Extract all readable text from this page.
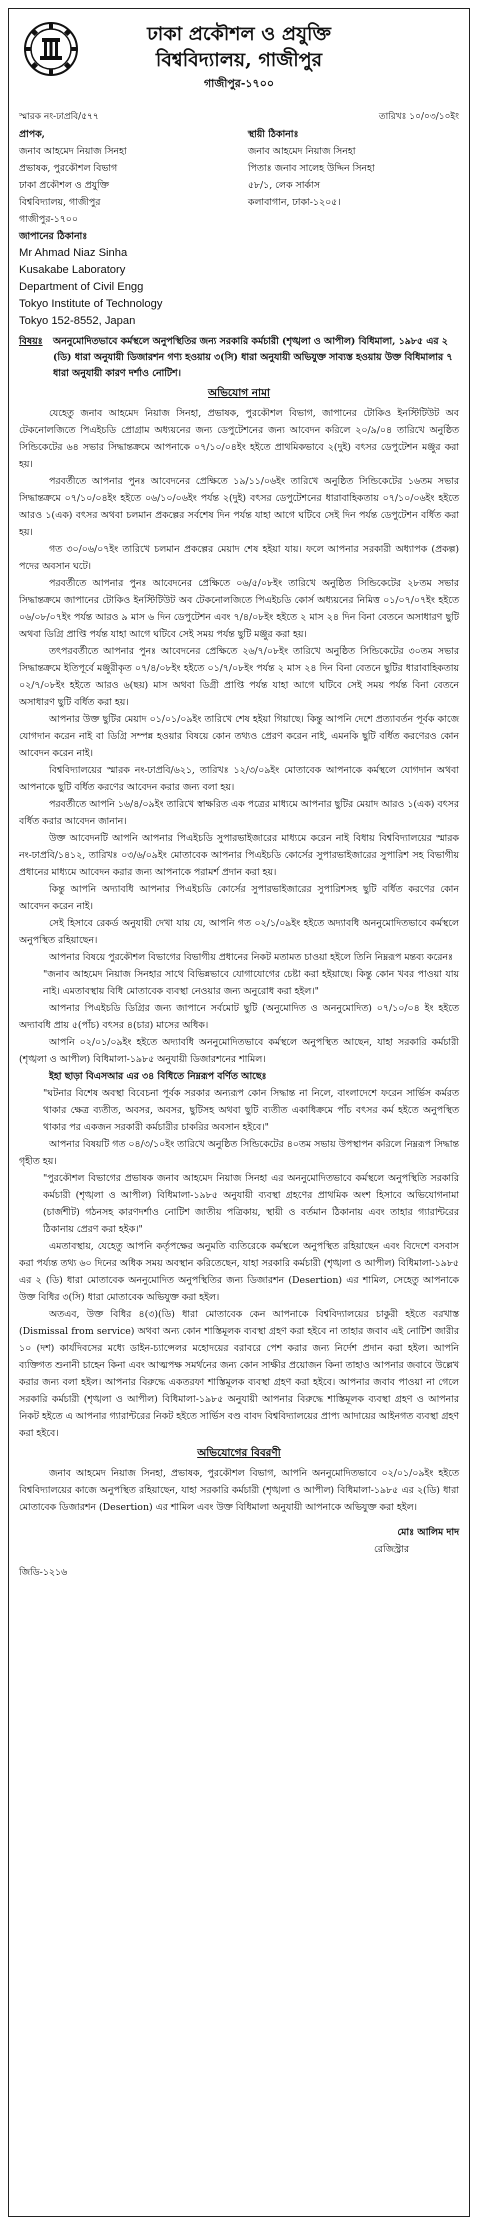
ঢাকা প্রকৌশল ও প্রযুক্তি
বিশ্ববিদ্যালয়, গাজীপুর
গাজীপুর-১৭০০
স্মারক নং-ঢাপ্রবি/৫৭৭	তারিখঃ ১০/০৩/১০ইং
প্রাপক,
জনাব আহমেদ নিয়াজ সিনহা
প্রভাষক, পুরকৌশল বিভাগ
ঢাকা প্রকৌশল ও প্রযুক্তি
বিশ্ববিদ্যালয়, গাজীপুর
গাজীপুর-১৭০০
স্থায়ী ঠিকানাঃ
জনাব আহমেদ নিয়াজ সিনহা
পিতাঃ জনাব সালেহ উদ্দিন সিনহা
৫৮/১, লেক সার্কাস
কলাবাগান, ঢাকা-১২০৫।
জাপানের ঠিকানাঃ
Mr Ahmad Niaz Sinha
Kusakabe Laboratory
Department of Civil Engg
Tokyo Institute of Technology
Tokyo 152-8552, Japan
বিষয়ঃ	অননুমোদিতভাবে কর্মস্থলে অনুপস্থিতির জন্য সরকারি কর্মচারী (শৃঙ্খলা ও আপীল) বিধিমালা, ১৯৮৫ এর ২ (ডি) ধারা অনুযায়ী ডিজারশন গণ্য হওয়ায় ৩(সি) ধারা অনুযায়ী অভিযুক্ত সাব্যস্ত হওয়ায় উক্ত বিধিমালার ৭ ধারা অনুযায়ী কারণ দর্শাও নোটিশ।
অভিযোগ নামা

যেহেতু জনাব আহমেদ নিয়াজ সিনহা, প্রভাষক, পুরকৌশল বিভাগ, জাপানের টোকিও ইনস্টিটিউট অব টেকনোলজিতে পিএইচডি প্রোগ্রাম অধ্যয়নের জন্য ডেপুটেশনের জন্য আবেদন করিলে ২০/৯/০৪ তারিখে অনুষ্ঠিত সিন্ডিকেটের ৬৪ সভার সিদ্ধান্তক্রমে আপনাকে ০৭/১০/০৪ইং হইতে প্রাথমিকভাবে ২(দুই) বৎসর ডেপুটেশন মঞ্জুর করা হয়।

পরবর্তীতে আপনার পুনঃ আবেদনের প্রেক্ষিতে ১৯/১১/০৬ইং তারিখে অনুষ্ঠিত সিন্ডিকেটের ১৬তম সভার সিদ্ধান্তক্রমে ০৭/১০/০৪ইং হইতে ০৬/১০/০৬ইং পর্যন্ত ২(দুই) বৎসর ডেপুটেশনের ধারাবাহিকতায় ০৭/১০/০৬ইং হইতে আরও ১(এক) বৎসর অথবা চলমান প্রকল্পের সর্বশেষ দিন পর্যন্ত যাহা আগে ঘটিবে সেই দিন পর্যন্ত ডেপুটেশন বর্ধিত করা হয়।

গত ৩০/০৬/০৭ইং তারিখে চলমান প্রকল্পের মেয়াদ শেষ হইয়া যায়। ফলে আপনার সরকারী অধ্যাপক (প্রকল্প) পদের অবসান ঘটে।

পরবর্তীতে আপনার পুনঃ আবেদনের প্রেক্ষিতে ০৬/৫/০৮ইং তারিখে অনুষ্ঠিত সিন্ডিকেটের ২৮তম সভার সিদ্ধান্তক্রমে জাপানের টোকিও ইনস্টিটিউট অব টেকনোলজিতে পিএইচডি কোর্স অধ্যয়নের নিমিত্ত ০১/০৭/০৭ইং হইতে ০৬/০৮/০৭ইং পর্যন্ত আরও ৯ মাস ৬ দিন ডেপুটেশন এবং ৭/৪/০৮ইং হইতে ২ মাস ২৪ দিন বিনা বেতনে অসাধারণ ছুটি অথবা ডিগ্রি প্রাপ্তি পর্যন্ত যাহা আগে ঘটিবে সেই সময় পর্যন্ত ছুটি মঞ্জুর করা হয়।

তৎপরবর্তীতে আপনার পুনঃ আবেদনের প্রেক্ষিতে ২৬/৭/০৮ইং তারিখে অনুষ্ঠিত সিন্ডিকেটের ৩০তম সভার সিদ্ধান্তক্রমে ইতিপূর্বে মঞ্জুরীকৃত ০৭/৪/০৮ইং হইতে ০১/৭/০৮ইং পর্যন্ত ২ মাস ২৪ দিন বিনা বেতনে ছুটির ধারাবাহিকতায় ০২/৭/০৮ইং হইতে আরও ৬(ছয়) মাস অথবা ডিগ্রী প্রাপ্তি পর্যন্ত যাহা আগে ঘটিবে সেই সময় পর্যন্ত বিনা বেতনে অসাধারণ ছুটি বর্ধিত করা হয়।

আপনার উক্ত ছুটির মেয়াদ ০১/০১/০৯ইং তারিখে শেষ হইয়া গিয়াছে। কিন্তু আপনি দেশে প্রত্যাবর্তন পূর্বক কাজে যোগদান করেন নাই বা ডিগ্রি সম্পন্ন হওয়ার বিষয়ে কোন তথ্যও প্রেরণ করেন নাই, এমনকি ছুটি বর্ধিত করণেরও কোন আবেদন করেন নাই।

বিশ্ববিদ্যালয়ের স্মারক নং-ঢাপ্রবি/৬২১, তারিখঃ ১২/৩/০৯ইং মোতাবেক আপনাকে কর্মস্থলে যোগদান অথবা আপনাকে ছুটি বর্ধিত করণের আবেদন করার জন্য বলা হয়।

পরবর্তীতে আপনি ১৬/৪/০৯ইং তারিখে স্বাক্ষরিত এক পত্রের মাধ্যমে আপনার ছুটির মেয়াদ আরও ১(এক) বৎসর বর্ধিত করার আবেদন জানান।

উক্ত আবেদনটি আপনি আপনার পিএইচডি সুপারভাইজারের মাধ্যমে করেন নাই বিধায় বিশ্ববিদ্যালয়ের স্মারক নং-ঢাপ্রবি/১৪১২, তারিখঃ ০৩/৬/০৯ইং মোতাবেক আপনার পিএইচডি কোর্সের সুপারভাইজারের সুপারিশ সহ বিভাগীয় প্রধানের মাধ্যমে আবেদন করার জন্য আপনাকে পরামর্শ প্রদান করা হয়।

কিন্তু আপনি অদ্যাবধি আপনার পিএইচডি কোর্সের সুপারভাইজারের সুপারিশসহ ছুটি বর্ধিত করণের কোন আবেদন করেন নাই।

সেই হিসাবে রেকর্ড অনুযায়ী দেখা যায় যে, আপনি গত ০২/১/০৯ইং হইতে অদ্যাবধি অননুমোদিতভাবে কর্মস্থলে অনুপস্থিত রহিয়াছেন।

আপনার বিষয়ে পুরকৌশল বিভাগের বিভাগীয় প্রধানের নিকট মতামত চাওয়া হইলে তিনি নিম্নরূপ মন্তব্য করেনঃ

"জনাব আহমেদ নিয়াজ সিনহার সাথে বিভিন্নভাবে যোগাযোগের চেষ্টা করা হইয়াছে। কিন্তু কোন খবর পাওয়া যায় নাই। এমতাবস্থায় বিধি মোতাবেক ব্যবস্থা নেওয়ার জন্য অনুরোধ করা হইল।"

আপনার পিএইচডি ডিগ্রির জন্য জাপানে সর্বমোট ছুটি (অনুমোদিত ও অননুমোদিত) ০৭/১০/০৪ ইং হইতে অদ্যাবধি প্রায় ৫(পাঁচ) বৎসর ৪(চার) মাসের অধিক।

আপনি ০২/০১/০৯ইং হইতে অদ্যাবধি অননুমোদিতভাবে কর্মস্থলে অনুপস্থিত আছেন, যাহা সরকারি কর্মচারী (শৃঙ্খলা ও আপীল) বিধিমালা-১৯৮৫ অনুযায়ী ডিজারশনের শামিল।

ইহা ছাড়া বিএসআর এর ৩৪ বিধিতে নিম্নরূপ বর্ণিত আছেঃ
"ঘটনার বিশেষ অবস্থা বিবেচনা পূর্বক সরকার অন্যরূপ কোন সিদ্ধান্ত না নিলে, বাংলাদেশে ফরেন সার্ভিস কর্মরত থাকার ক্ষেত্র ব্যতীত, অবসর, অবসর, ছুটিসহ অথবা ছুটি ব্যতীত একাধিক্রমে পাঁচ বৎসর কর্ম হইতে অনুপস্থিত থাকার পর একজন সরকারী কর্মচারীর চাকরির অবসান হইবে।"

আপনার বিষয়টি গত ০৪/৩/১০ইং তারিখে অনুষ্ঠিত সিন্ডিকেটের ৪০তম সভায় উপস্থাপন করিলে নিম্নরূপ সিদ্ধান্ত গৃহীত হয়।

"পুরকৌশল বিভাগের প্রভাষক জনাব আহমেদ নিয়াজ সিনহা এর অননুমোদিতভাবে কর্মস্থলে অনুপস্থিতি সরকারি কর্মচারী (শৃঙ্খলা ও আপীল) বিধিমালা-১৯৮৫ অনুযায়ী ব্যবস্থা গ্রহণের প্রাথমিক অংশ হিসাবে অভিযোগনামা (চার্জশীট) গঠনসহ কারণদর্শাও নোটিশ জাতীয় পত্রিকায়, স্থায়ী ও বর্তমান ঠিকানায় এবং তাহার গ্যারান্টরের ঠিকানায় প্রেরণ করা হইক।"

এমতাবস্থায়, যেহেতু আপনি কর্তৃপক্ষের অনুমতি ব্যতিরেকে কর্মস্থলে অনুপস্থিত রহিয়াছেন এবং বিদেশে বসবাস করা পৰ্য্যন্ত তথ্য ৬০ দিনের অধিক সময় অবস্থান করিতেছেন, যাহা সরকারি কর্মচারী (শৃঙ্খলা ও আপীল) বিধিমালা-১৯৮৫ এর ২ (ডি) ধারা মোতাবেক অননুমোদিত অনুপস্থিতির জন্য ডিজারশন (Desertion) এর শামিল, সেহেতু আপনাকে উক্ত বিধির ৩(সি) ধারা মোতাবেক অভিযুক্ত করা হইল।

অতএব, উক্ত বিধির ৪(৩)(ডি) ধারা মোতাবেক কেন আপনাকে বিশ্ববিদ্যালয়ের চাকুরী হইতে বরখাস্ত (Dismissal from service) অথবা অন্য কোন শাস্তিমূলক ব্যবস্থা গ্রহণ করা হইবে না তাহার জবাব এই নোটিশ জারীর ১০ (দশ) কার্যদিবসের মধ্যে ডাইন-চ্যান্সেলর মহোদয়ের বরাবরে পেশ করার জন্য নির্দেশ প্রদান করা হইল। আপনি ব্যক্তিগত শুনানী চাহেন কিনা এবং আত্মপক্ষ সমর্থনের জন্য কোন সাক্ষীর প্রয়োজন কিনা তাহাও আপনার জবাবে উল্লেখ করার জন্য বলা হইল। আপনার বিরুদ্ধে একতরফা শাস্তিমূলক ব্যবস্থা গ্রহণ করা হইবে। আপনার জবাব পাওয়া না গেলে সরকারি কর্মচারী (শৃঙ্খলা ও আপীল) বিধিমালা-১৯৮৫ অনুযায়ী আপনার বিরুদ্ধে শাস্তিমূলক ব্যবস্থা গ্রহণ ও আপনার নিকট হইতে এ আপনার গ্যারান্টরের নিকট হইতে সার্ভিস বণ্ড বাবদ বিশ্ববিদ্যালয়ের প্রাপ্য আদায়ের আইনগত ব্যবস্থা গ্রহণ করা হইবে।

অভিযোগের বিবরণী

জনাব আহমেদ নিয়াজ সিনহা, প্রভাষক, পুরকৌশল বিভাগ, আপনি অননুমোদিতভাবে ০২/০১/০৯ইং হইতে বিশ্ববিদ্যালয়ের কাজে অনুপস্থিত রহিয়াছেন, যাহা সরকারি কর্মচারী (শৃঙ্খলা ও আপীল) বিধিমালা-১৯৮৫ এর ২(ডি) ধারা মোতাবেক ডিজারশন (Desertion) এর শামিল এবং উক্ত বিধিমালা অনুযায়ী আপনাকে অভিযুক্ত করা হইল।

মোঃ আলিম দাদ
রেজিস্ট্রার
জিডি-১২১৬
